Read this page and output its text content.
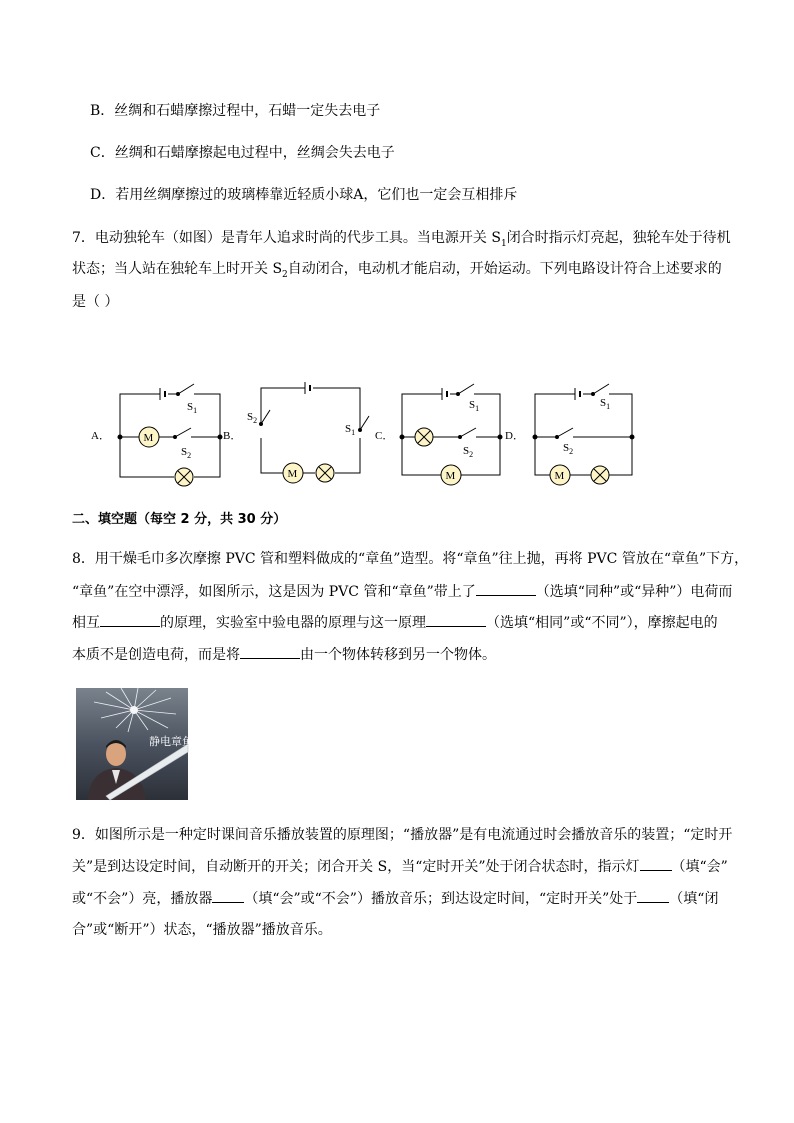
B．丝绸和石蜡摩擦过程中，石蜡一定失去电子
C．丝绸和石蜡摩擦起电过程中，丝绸会失去电子
D．若用丝绸摩擦过的玻璃棒靠近轻质小球A，它们也一定会互相排斥
7．电动独轮车（如图）是青年人追求时尚的代步工具。当电源开关 $S_1$闭合时指示灯亮起，独轮车处于待机
状态；当人站在独轮车上时开关 $S_2$自动闭合，电动机才能启动，开始运动。下列电路设计符合上述要求的
是（ ）
A．
$S_1$
M
$S_2$
B．
$S_2$
$S_1$
M
C．
$S_1$
$S_2$
M
D．
$S_1$
$S_2$
M
二、填空题（每空 2 分，共 30 分）
8．用干燥毛巾多次摩擦 PVC 管和塑料做成的“章鱼”造型。将“章鱼”往上抛，再将 PVC 管放在“章鱼”下方，
“章鱼”在空中漂浮，如图所示，这是因为 PVC 管和“章鱼”带上了	（选填“同种”或“异种”）电荷而
相互	的原理，实验室中验电器的原理与这一原理	（选填“相同”或“不同”），摩擦起电的
本质不是创造电荷，而是将	由一个物体转移到另一个物体。
静电章鱼
9．如图所示是一种定时课间音乐播放装置的原理图；“播放器”是有电流通过时会播放音乐的装置；“定时开
关”是到达设定时间，自动断开的开关；闭合开关 S，当“定时开关”处于闭合状态时，指示灯 （填“会”
或“不会”）亮，播放器 （填“会”或“不会”）播放音乐；到达设定时间，“定时开关”处于 （填“闭
合”或“断开”）状态，“播放器”播放音乐。
